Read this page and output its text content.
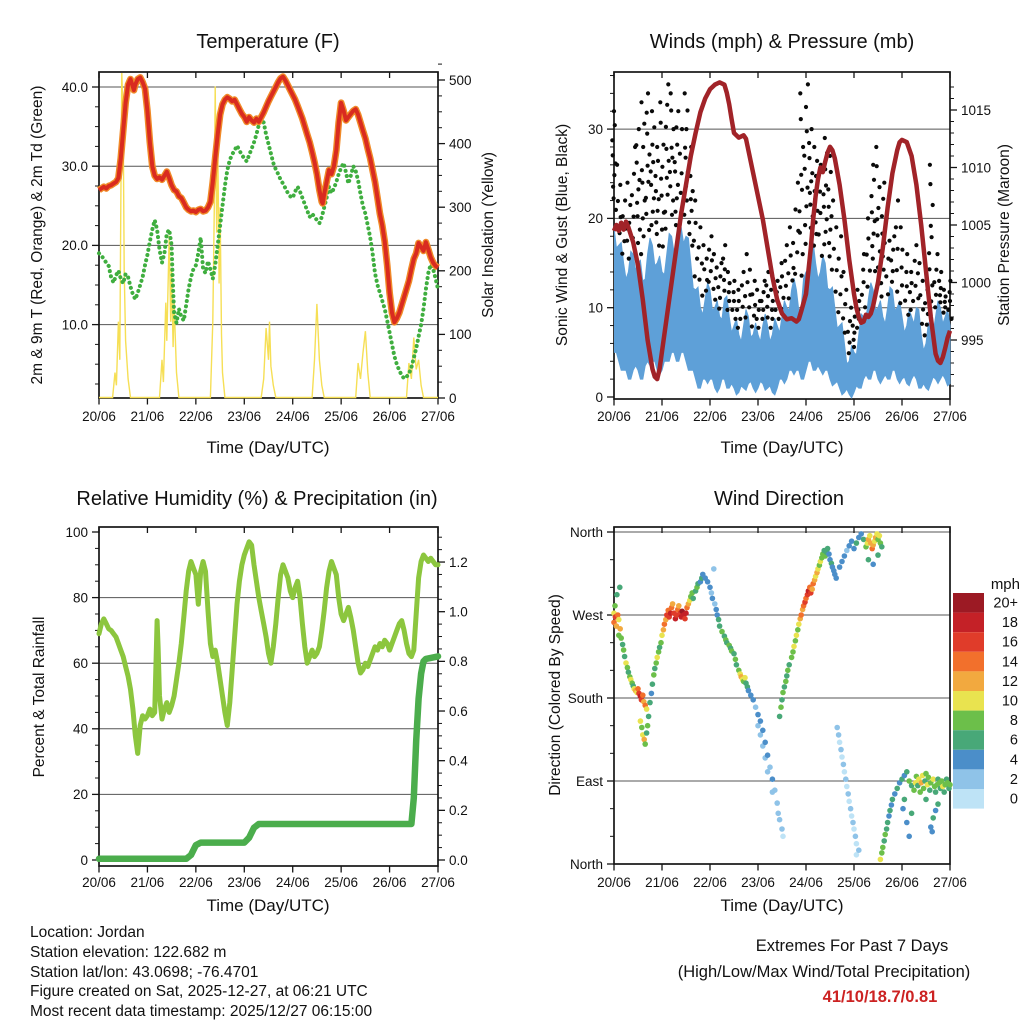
20/06 21/06 22/06 23/06 24/06 25/06 26/06 27/06
40.0
30.0
20.0
10.0
500
400
300
200
100
0
20/06 21/06 22/06 23/06 24/06 25/06 26/06 27/06
30
20
10
0
1015
1010
1005
1000
995
20/06 21/06 22/06 23/06 24/06 25/06 26/06 27/06
100
80
60
40
20
0
1.2
1.0
0.8
0.6
0.4
0.2
0.0
20/06 21/06 22/06 23/06 24/06 25/06 26/06 27/06
North
West
South
East
North
mph
20+
18
16
14
12
10
8
6
4
2
0
Temperature (F)	Winds (mph) & Pressure (mb)
Relative Humidity (%) & Precipitation (in)	Wind Direction
2m & 9m T (Red, Orange) & 2m Td (Green)	Solar Insolation (Yellow)	Sonic Wind & Gust (Blue, Black)	Station Pressure (Maroon)
Percent & Total Rainfall	Direction (Colored By Speed)
Time (Day/UTC)	Time (Day/UTC)
Time (Day/UTC)	Time (Day/UTC)
Location: Jordan
Station elevation: 122.682 m
Station lat/lon: 43.0698; -76.4701
Figure created on Sat, 2025-12-27, at 06:21 UTC
Most recent data timestamp: 2025/12/27 06:15:00
Extremes For Past 7 Days
(High/Low/Max Wind/Total Precipitation)
41/10/18.7/0.81
